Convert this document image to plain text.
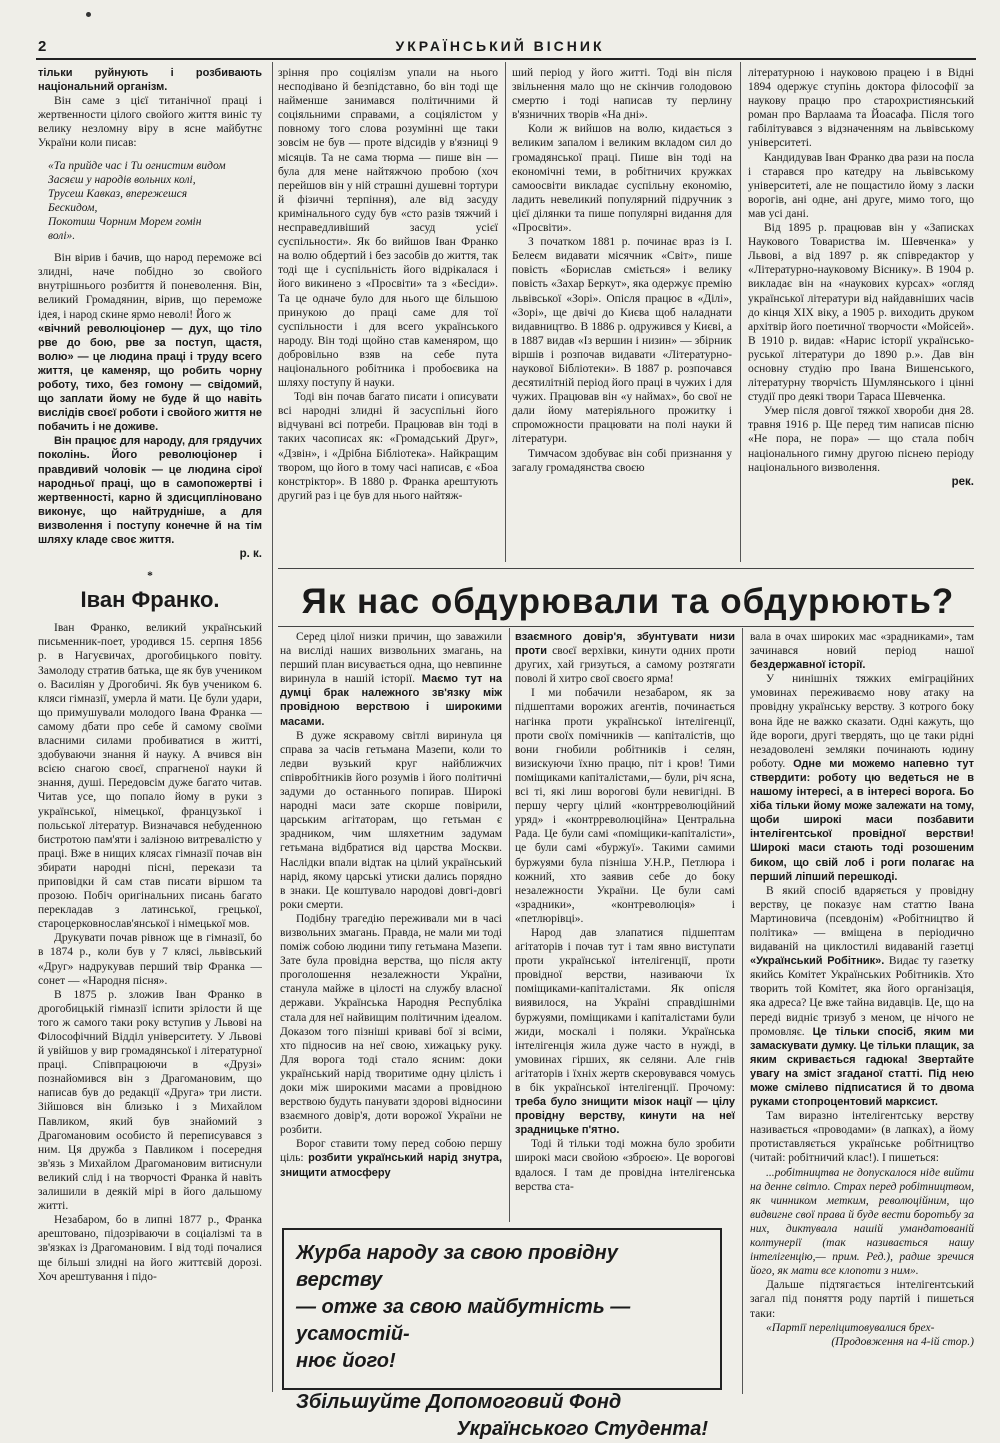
2	УКРАЇНСЬКИЙ ВІСНИК

тільки руйнують і розбивають національний організм.

Він саме з цієї титанічної праці і жертвенности цілого свойого життя виніс ту велику незломну віру в ясне майбутнє України коли писав:

«Та прийде час і Ти огнистим видом
Засяєш у народів вольних колі,
Трусеш Кавказ, впережешся
Бескидом,
Покотиш Чорним Морем гомін
волі».

Він вірив і бачив, що народ переможе всі злидні, наче побідно зо свойого внутрішнього розбиття й поневолення. Він, великий Громадянин, вірив, що переможе ідея, і народ скине ярмо неволі! Його ж

«вічний революціонер — дух, що тіло рве до бою, рве за поступ, щастя, волю» — це людина праці і труду всего життя, це каменяр, що робить чорну роботу, тихо, без гомону — свідомий, що заплати йому не буде й що навіть вислідів своєї роботи і свойого життя не побачить і не доживе.

Він працює для народу, для грядучих поколінь. Його революціонер і правдивий чоловік — це людина сірої народньої праці, що в самопожертві і жертвенності, карно й здисципліновано виконує, що найтрудніше, а для визволення і поступу конечне й на тім шляху кладе своє життя.

р. к.

*

Іван Франко.

Іван Франко, великий український письменник-поет, уродився 15. серпня 1856 р. в Нагуєвичах, дрогобицького повіту. Замолоду стратив батька, ще як був учеником о. Василіян у Дрогобичі. Як був учеником 6. кляси гімназії, умерла й мати. Це були удари, що примушували молодого Івана Франка — самому дбати про себе й самому своїми власними силами пробиватися в житті, здобуваючи знання й науку. А вчився він всією снагою своєї, спрагненої науки й знання, душі. Передовсім дуже багато читав. Читав усе, що попало йому в руки з української, німецької, французької і польської літератур. Визначався небуденною бистротою пам'яти і залізною витревалістю у праці. Вже в нищих клясах гімназії почав він збирати народні пісні, перекази та приповідки й сам став писати віршом та прозою. Побіч оригінальних писань багато перекладав з латинської, грецької, староцерковнослав'янської і німецької мов.

Друкувати почав рівнож ще в гімназії, бо в 1874 р., коли був у 7 клясі, львівський «Друг» надрукував перший твір Франка — сонет — «Народня пісня».

В 1875 р. зложив Іван Франко в дрогобицькій гімназії іспити зрілости й ще того ж самого таки року вступив у Львові на Філософічний Відділ університету. У Львові й увійшов у вир громадянської і літературної праці. Співпрацюючи в «Друзі» познайомився він з Драгомановим, що написав був до редакції «Друга» три листи. Зійшовся він близько і з Михайлом Павликом, який був знайомий з Драгомановим особисто й переписувався з ним. Ця дружба з Павликом і посередня зв'язь з Михайлом Драгомановим витиснули великий слід і на творчості Франка й навіть залишили в деякій мірі в його дальшому житті.

Незабаром, бо в липні 1877 р., Франка арештовано, підозріваючи в соціалізмі та в зв'язках із Драгомановим. І від тоді почалися ще більші злидні на його життєвій дорозі. Хоч арештування і підо-

зріння про соціялізм упали на нього несподівано й безпідставно, бо він тоді ще найменше занимався політичними й соціяльними справами, а соціялістом у повному того слова розумінні ще таки зовсім не був — проте відсидів у в'язниці 9 місяців. Та не сама тюрма — пише він — була для мене найтяжчою пробою (хоч перейшов він у ній страшні душевні тортури й фізичні терпіння), але від засуду кримінального суду був «сто разів тяжчий і несправедливіший засуд усієї суспільности». Як бо вийшов Іван Франко на волю обдертий і без засобів до життя, так тоді ще і суспільність його відрікалася і його викинено з «Просвіти» та з «Бесіди». Та це одначе було для нього ще більшою принукою до праці саме для тої суспільности і для всего українського народу. Він тоді щойно став каменяром, що добровільно взяв на себе пута національного робітника і пробоєвика на шляху поступу й науки.

Тоді він почав багато писати і описувати всі народні злидні й засуспільні його відчувані всі потреби. Працював він тоді в таких часописах як: «Громадський Друг», «Дзвін», і «Дрібна Бібліотека». Найкращим твором, що його в тому часі написав, є «Боа констріктор». В 1880 р. Франка арештують другий раз і це був для нього найтяж-

ший період у його житті. Тоді він після звільнення мало що не скінчив голодовою смертю і тоді написав ту перлину в'язничних творів «На дні».

Коли ж вийшов на волю, кидається з великим запалом і великим вкладом сил до громадянської праці. Пише він тоді на економічні теми, в робітничих кружках самоосвіти викладає суспільну економію, ладить невеликий популярний підручник з цієї ділянки та пише популярні видання для «Просвіти».

З початком 1881 р. починає враз із І. Белеєм видавати місячник «Світ», пише повість «Борислав сміється» і велику повість «Захар Беркут», яка одержує премію львівської «Зорі». Опісля працює в «Ділі», «Зорі», ще двічі до Києва щоб наладнати видавництво. В 1886 р. одружився у Києві, а в 1887 видав «Із вершин і низин» — збірник віршів і розпочав видавати «Літературно-наукової Бібліотеки». В 1887 р. розпочався десятилітній період його праці в чужих і для чужих. Працював він «у наймах», бо свої не дали йому матеріяльного прожитку і спроможности працювати на полі науки й літератури.

Тимчасом здобуває він собі признання у загалу громадянства своєю

літературною і науковою працею і в Відні 1894 одержує ступінь доктора філософії за наукову працю про старохристиянський роман про Варлаама та Йоасафа. Після того габілітувався з відзначенням на львівському університеті.

Кандидував Іван Франко два рази на посла і старався про катедру на львівському університеті, але не пощастило йому з ласки ворогів, ані одне, ані друге, мимо того, що мав усі дані.

Від 1895 р. працював він у «Записках Наукового Товариства ім. Шевченка» у Львові, а від 1897 р. як співредактор у «Літературно-науковому Віснику». В 1904 р. викладає він на «наукових курсах» «огляд української літератури від найдавніших часів до кінця XIX віку, а 1905 р. виходить друком архітвір його поетичної творчости «Мойсей». В 1910 р. видав: «Нарис історії українсько-руської літератури до 1890 р.». Дав він основну студію про Івана Вишенського, літературну творчість Шумлянського і цінні студії про деякі твори Тараса Шевченка.

Умер після довгої тяжкої хвороби дня 28. травня 1916 р. Ще перед тим написав пісню «Не пора, не пора» — що стала побіч національного гимну другою піснею періоду національного визволення.

рек.

Як нас обдурювали та обдурюють?

Серед цілої низки причин, що заважили на висліді наших визвольних змагань, на перший план висувається одна, що невпинне виринула в нашій історії. Маємо тут на думці брак належного зв'язку між провідною верствою і широкими масами.

В дуже яскравому світлі виринула ця справа за часів гетьмана Мазепи, коли то ледви вузький круг найближчих співробітників його розумів і його політичні задуми до останнього попирав. Широкі народні маси зате скорше повірили, царським агітаторам, що гетьман є зрадником, чим шляхетним задумам гетьмана відбратися від царства Москви. Наслідки впали відтак на цілий український нарід, якому царські утиски дались порядно в знаки. Це коштувало народові довгі-довгі роки смерти.

Подібну трагедію переживали ми в часі визвольних змагань. Правда, не мали ми тоді поміж собою людини типу гетьмана Мазепи. Зате була провідна верства, що після акту проголошення незалежности України, станула майже в цілості на службу власної держави. Українська Народня Республіка стала для неї найвищим політичним ідеалом. Доказом того пізніші криваві бої зі всіми, хто підносив на неї свою, хижацьку руку. Для ворога тоді стало ясним: доки український нарід творитиме одну цілість і доки між широкими масами а провідною верствою будуть панувати здорові відносини взаємного довір'я, доти ворожої України не розбити.

Ворог ставити тому перед собою першу ціль: розбити український нарід знутра, знищити атмосферу

взаємного довір'я, збунтувати низи проти своєї верхівки, кинути одних проти других, хай гризуться, а самому розтягати поволі й хитро свої своєго ярма!

І ми побачили незабаром, як за підшептами ворожих агентів, починається нагінка проти української інтелігенції, проти своїх помічників — капіталістів, що вони гнобили робітників і селян, визискуючи їхню працю, піт і кров! Тими поміщиками капіталістами,— були, річ ясна, всі ті, які лиш ворогові були невигідні. В першу чергу цілий «контрреволюційний уряд» і «контрреволюційна» Центральна Рада. Це були самі «поміщики-капіталісти», це були самі «буржуї». Такими самими буржуями була пізніша У.Н.Р., Петлюра і кожний, хто заявив себе до боку незалежности України. Це були самі «зрадники», «контреволюція» і «петлюрівці».

Народ дав злапатися підшептам агітаторів і почав тут і там явно виступати проти української інтелігенції, проти провідної верстви, називаючи їх поміщиками-капіталістами. Як опісля виявилося, на Україні справдішніми буржуями, поміщиками і капіталістами були жиди, москалі і поляки. Українська інтелігенція жила дуже часто в нужді, в умовинах гірших, як селяни. Але гнів агітаторів і їхніх жертв скеровувався чомусь в бік української інтелігенції. Прочому: треба було знищити мізок нації — цілу провідну верству, кинути на неї зрадницьке п'ятно.

Тоді й тільки тоді можна було зробити широкі маси свойою «зброєю». Це ворогові вдалося. І там де провідна інтелігенська верства ста-

вала в очах широких мас «зрадниками», там зачинався новий період нашої бездержавної історії.

У нинішніх тяжких еміграційних умовинах переживаємо нову атаку на провідну українську верству. З котрого боку вона йде не важко сказати. Одні кажуть, що йде вороги, другі твердять, що це таки рідні незадоволені земляки починають юдину роботу. Одне ми можемо напевно тут ствердити: роботу цю ведеться не в нашому інтересі, а в інтересі ворога. Бо хіба тільки йому може залежати на тому, щоби широкі маси позбавити інтелігентської провідної верстви! Широкі маси стають тоді розошеним биком, що свій лоб і роги полагає на перший ліпший перешкоді.

В який спосіб вдаряється у провідну верству, це показує нам статтю Івана Мартиновича (псевдонім) «Робітництво й політика» — вміщена в періодично видаваній на циклостилі видаваній газетці «Український Робітник». Видає ту газетку якийсь Комітет Українських Робітників. Хто творить той Комітет, яка його організація, яка адреса? Це вже тайна видавців. Це, що на переді видніє тризуб з меном, це нічого не промовляє. Це тільки спосіб, яким ми замаскувати думку. Це тільки плащик, за яким скривається гадюка! Звертайте увагу на зміст згаданої статті. Під нею може смілево підписатися й то двома руками стопроцентовий марксист.

Там виразно інтелігентську верству називається «проводами» (в лапках), а йому протиставляється українське робітництво (читай: робітничий клас!). І пишеться:

...робітництва не допускалося ніде вийти на денне світло. Страх перед робітництвом, як чинником метким, революційним, що видвигне свої права й буде вести боротьбу за них, диктувала нашій умандатованій колтунерії (так називається нашу інтелігенцію,— прим. Ред.), радше зречися його, як мати все клопоти з ним».

Дальше підтягається інтелігентський загал під поняття роду партій і пишеться таки:

«Партії переліцитовувалися брех-

(Продовження на 4-ій стор.)

Журба народу за свою провідну верству

— отже за свою майбутність — усамостій-

нює його!

Збільшуйте Допомоговий Фонд

Українського Студента!
